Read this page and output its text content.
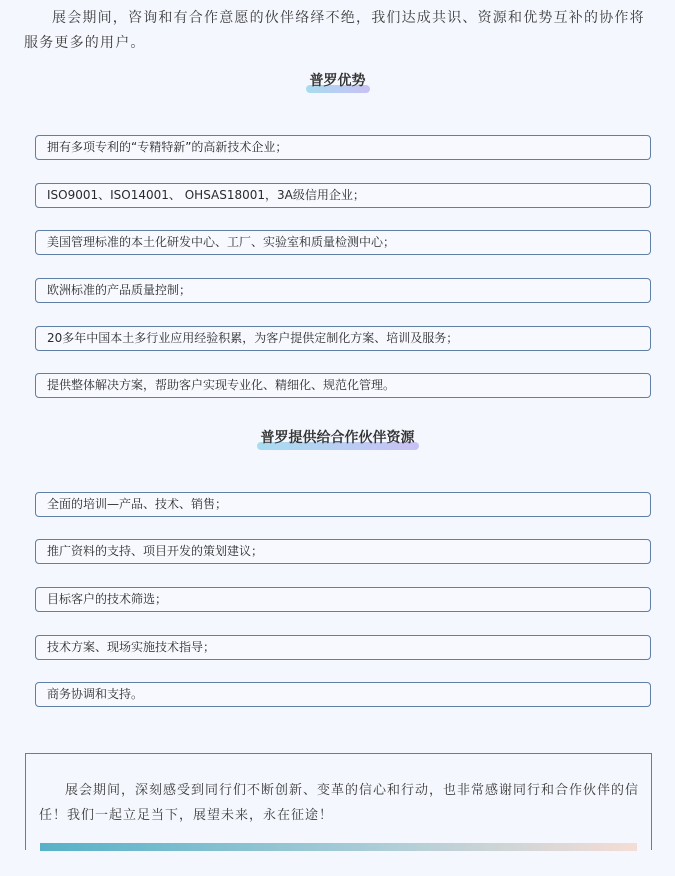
展会期间，咨询和有合作意愿的伙伴络绎不绝，我们达成共识、资源和优势互补的协作将服务更多的用户。

普罗优势
拥有多项专利的“专精特新”的高新技术企业；
ISO9001、ISO14001、 OHSAS18001，3A级信用企业；
美国管理标准的本土化研发中心、工厂、实验室和质量检测中心；
欧洲标准的产品质量控制；
20多年中国本土多行业应用经验积累，为客户提供定制化方案、培训及服务；
提供整体解决方案，帮助客户实现专业化、精细化、规范化管理。
普罗提供给合作伙伴资源
全面的培训—产品、技术、销售；
推广资料的支持、项目开发的策划建议；
目标客户的技术筛选；
技术方案、现场实施技术指导；
商务协调和支持。

展会期间，深刻感受到同行们不断创新、变革的信心和行动，也非常感谢同行和合作伙伴的信任！我们一起立足当下，展望未来，永在征途！
